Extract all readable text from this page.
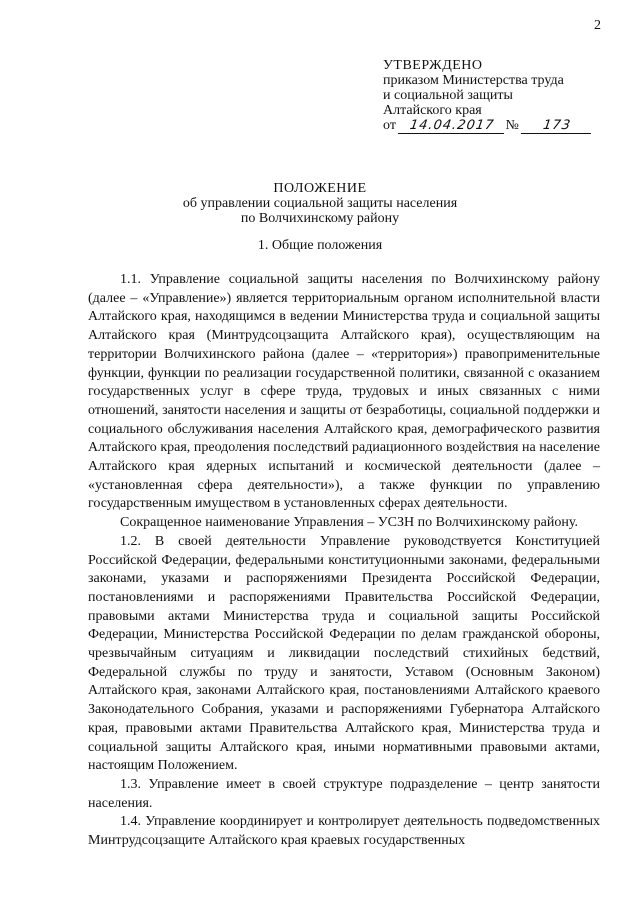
2
УТВЕРЖДЕНО
приказом Министерства труда
и социальной защиты
Алтайского края
от 14.04.2017 № 173
ПОЛОЖЕНИЕ
об управлении социальной защиты населения
по Волчихинскому району
1. Общие положения

1.1. Управление социальной защиты населения по Волчихинскому району (далее – «Управление») является территориальным органом исполнительной власти Алтайского края, находящимся в ведении Министерства труда и социальной защиты Алтайского края (Минтрудсоцзащита Алтайского края), осуществляющим на территории Волчихинского района (далее – «территория») правоприменительные функции, функции по реализации государственной политики, связанной с оказанием государственных услуг в сфере труда, трудовых и иных связанных с ними отношений, занятости населения и защиты от безработицы, социальной поддержки и социального обслуживания населения Алтайского края, демографического развития Алтайского края, преодоления последствий радиационного воздействия на население Алтайского края ядерных испытаний и космической деятельности (далее – «установленная сфера деятельности»), а также функции по управлению государственным имуществом в установленных сферах деятельности.

Сокращенное наименование Управления – УСЗН по Волчихинскому району.

1.2. В своей деятельности Управление руководствуется Конституцией Российской Федерации, федеральными конституционными законами, федеральными законами, указами и распоряжениями Президента Российской Федерации, постановлениями и распоряжениями Правительства Российской Федерации, правовыми актами Министерства труда и социальной защиты Российской Федерации, Министерства Российской Федерации по делам гражданской обороны, чрезвычайным ситуациям и ликвидации последствий стихийных бедствий, Федеральной службы по труду и занятости, Уставом (Основным Законом) Алтайского края, законами Алтайского края, постановлениями Алтайского краевого Законодательного Собрания, указами и распоряжениями Губернатора Алтайского края, правовыми актами Правительства Алтайского края, Министерства труда и социальной защиты Алтайского края, иными нормативными правовыми актами, настоящим Положением.

1.3. Управление имеет в своей структуре подразделение – центр занятости населения.

1.4. Управление координирует и контролирует деятельность подведомственных Минтрудсоцзащите Алтайского края краевых государственных
